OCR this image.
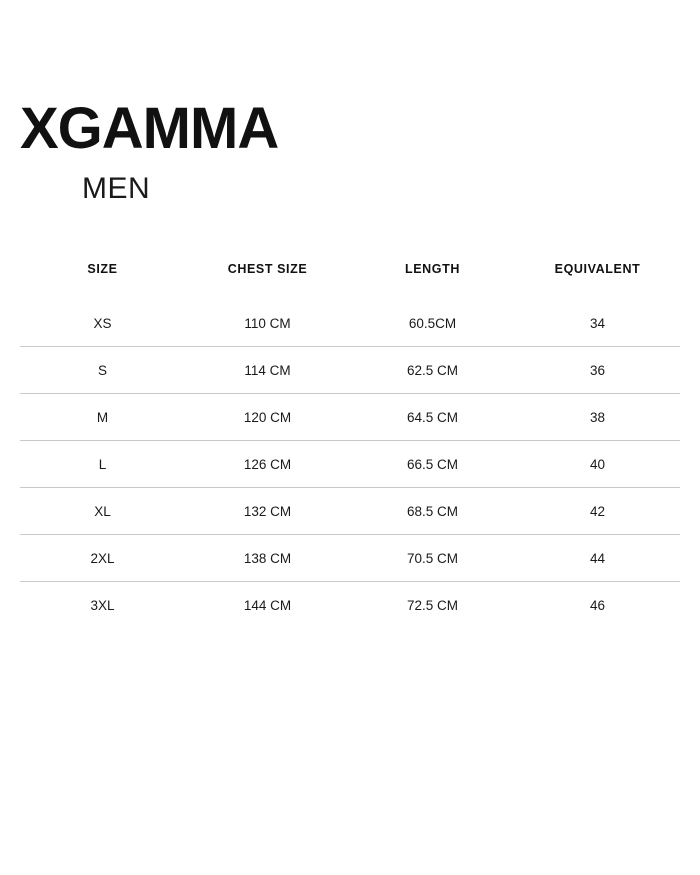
XGAMMA
MEN
SIZE	CHEST SIZE	LENGTH	EQUIVALENT
XS	110 CM	60.5CM	34
S	114 CM	62.5 CM	36
M	120 CM	64.5 CM	38
L	126 CM	66.5 CM	40
XL	132 CM	68.5 CM	42
2XL	138 CM	70.5 CM	44
3XL	144 CM	72.5 CM	46
